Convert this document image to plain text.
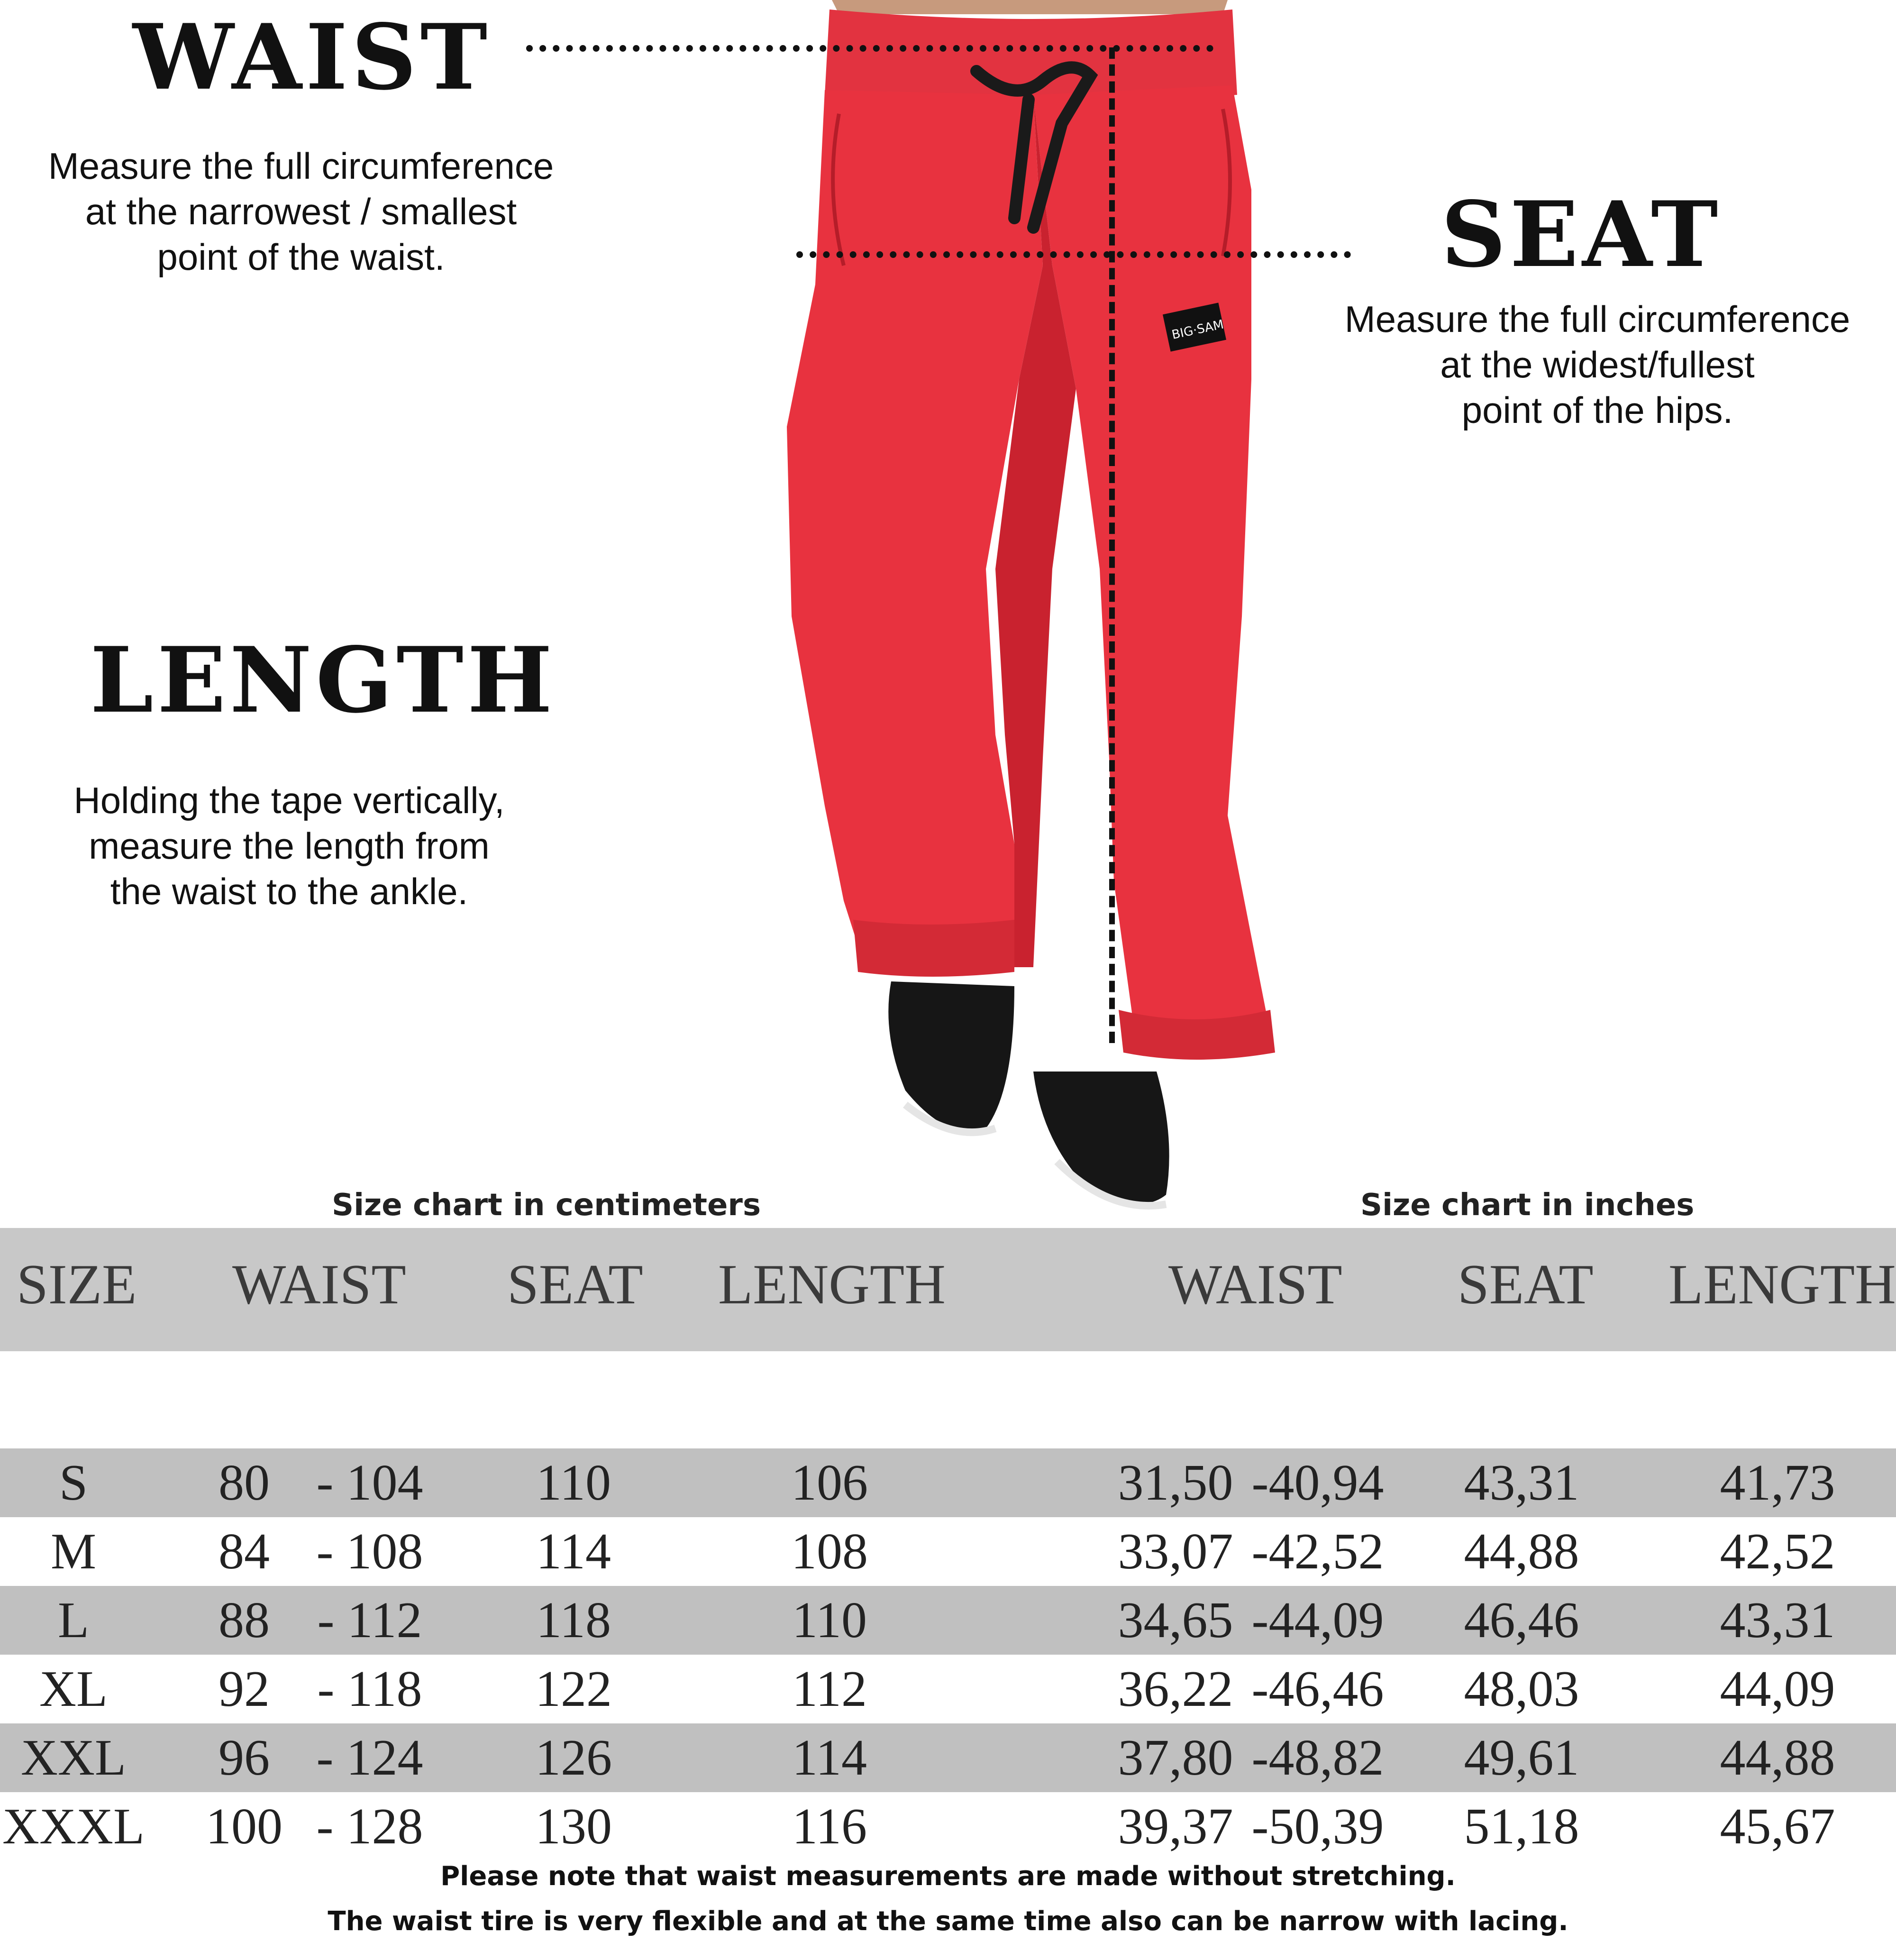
WAIST
Measure the full circumference
at the narrowest / smallest
point of the waist.	SEAT
Measure the full circumference
at the widest/fullest
point of the hips.
LENGTH
Holding the tape vertically,
measure the length from
the waist to the ankle.
BIG·SAM
Size chart in centimeters	Size chart in inches
SIZE WAIST SEAT LENGTH	WAIST SEAT LENGTH
S	80 - 104	110	106	31,50 -40,94 43,31	41,73
M	84 - 108	114	108	33,07 -42,52 44,88	42,52
L	88 - 112	118	110	34,65 -44,09 46,46	43,31
XL	92 - 118	122	112	36,22 -46,46 48,03	44,09
XXL	96 - 124	126	114	37,80 -48,82 49,61	44,88
XXXL 100 - 128	130	116	39,37 -50,39 51,18	45,67
Please note that waist measurements are made without stretching.
The waist tire is very flexible and at the same time also can be narrow with lacing.
